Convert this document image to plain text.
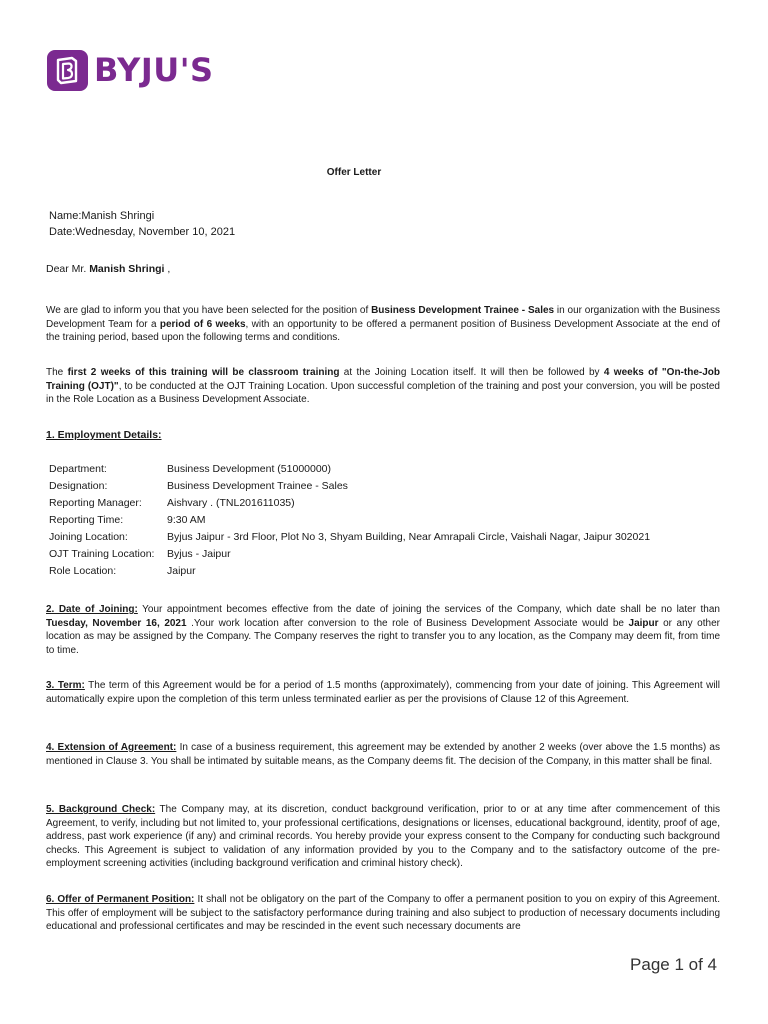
BYJU'S
Offer Letter
Name:Manish Shringi
Date:Wednesday, November 10, 2021
Dear Mr. Manish Shringi ,
We are glad to inform you that you have been selected for the position of Business Development Trainee - Sales in our organization with the Business Development Team for a period of 6 weeks, with an opportunity to be offered a permanent position of Business Development Associate at the end of the training period, based upon the following terms and conditions.
The first 2 weeks of this training will be classroom training at the Joining Location itself. It will then be followed by 4 weeks of "On-the-Job Training (OJT)", to be conducted at the OJT Training Location. Upon successful completion of the training and post your conversion, you will be posted in the Role Location as a Business Development Associate.
1. Employment Details:
Department:	Business Development (51000000)
Designation:	Business Development Trainee - Sales
Reporting Manager:	Aishvary . (TNL201611035)
Reporting Time:	9:30 AM
Joining Location:	Byjus Jaipur - 3rd Floor, Plot No 3, Shyam Building, Near Amrapali Circle, Vaishali Nagar, Jaipur 302021
OJT Training Location:	Byjus - Jaipur
Role Location:	Jaipur
2. Date of Joining: Your appointment becomes effective from the date of joining the services of the Company, which date shall be no later than Tuesday, November 16, 2021 .Your work location after conversion to the role of Business Development Associate would be Jaipur or any other location as may be assigned by the Company. The Company reserves the right to transfer you to any location, as the Company may deem fit, from time to time.
3. Term: The term of this Agreement would be for a period of 1.5 months (approximately), commencing from your date of joining. This Agreement will automatically expire upon the completion of this term unless terminated earlier as per the provisions of Clause 12 of this Agreement.
4. Extension of Agreement: In case of a business requirement, this agreement may be extended by another 2 weeks (over above the 1.5 months) as mentioned in Clause 3. You shall be intimated by suitable means, as the Company deems fit. The decision of the Company, in this matter shall be final.
5. Background Check: The Company may, at its discretion, conduct background verification, prior to or at any time after commencement of this Agreement, to verify, including but not limited to, your professional certifications, designations or licenses, educational background, identity, proof of age, address, past work experience (if any) and criminal records. You hereby provide your express consent to the Company for conducting such background checks. This Agreement is subject to validation of any information provided by you to the Company and to the satisfactory outcome of the pre- employment screening activities (including background verification and criminal history check).
6. Offer of Permanent Position: It shall not be obligatory on the part of the Company to offer a permanent position to you on expiry of this Agreement. This offer of employment will be subject to the satisfactory performance during training and also subject to production of necessary documents including educational and professional certificates and may be rescinded in the event such necessary documents are
Page 1 of 4
